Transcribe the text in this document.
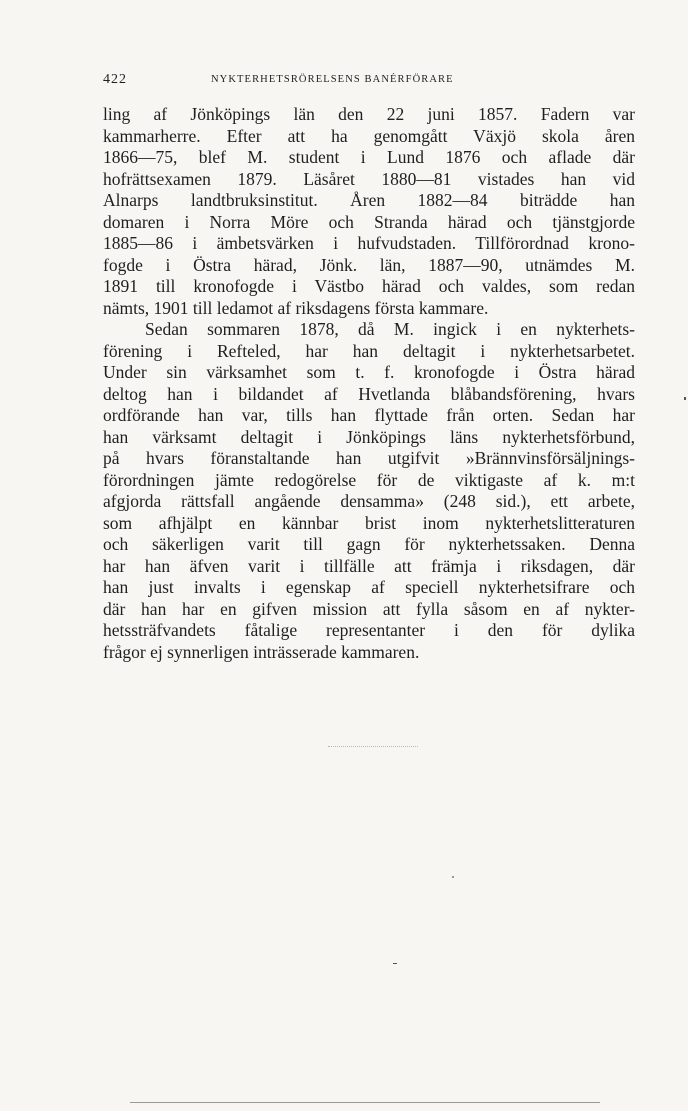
422	NYKTERHETSRÖRELSENS BANÉRFÖRARE
ling af Jönköpings län den 22 juni 1857. Fadern var
kammarherre. Efter att ha genomgått Växjö skola åren
1866—75, blef M. student i Lund 1876 och aflade där
hofrättsexamen 1879. Läsåret 1880—81 vistades han vid
Alnarps landtbruksinstitut. Åren 1882—84 biträdde han
domaren i Norra Möre och Stranda härad och tjänstgjorde
1885—86 i ämbetsvärken i hufvudstaden. Tillförordnad krono-
fogde i Östra härad, Jönk. län, 1887—90, utnämdes M.
1891 till kronofogde i Västbo härad och valdes, som redan
nämts, 1901 till ledamot af riksdagens första kammare.
Sedan sommaren 1878, då M. ingick i en nykterhets-
förening i Refteled, har han deltagit i nykterhetsarbetet.
Under sin värksamhet som t. f. kronofogde i Östra härad
deltog han i bildandet af Hvetlanda blåbandsförening, hvars
ordförande han var, tills han flyttade från orten. Sedan har
han värksamt deltagit i Jönköpings läns nykterhetsförbund,
på hvars föranstaltande han utgifvit »Brännvinsförsäljnings-
förordningen jämte redogörelse för de viktigaste af k. m:t
afgjorda rättsfall angående densamma» (248 sid.), ett arbete,
som afhjälpt en kännbar brist inom nykterhetslitteraturen
och säkerligen varit till gagn för nykterhetssaken. Denna
har han äfven varit i tillfälle att främja i riksdagen, där
han just invalts i egenskap af speciell nykterhetsifrare och
där han har en gifven mission att fylla såsom en af nykter-
hetssträfvandets fåtalige representanter i den för dylika
frågor ej synnerligen inträsserade kammaren.
